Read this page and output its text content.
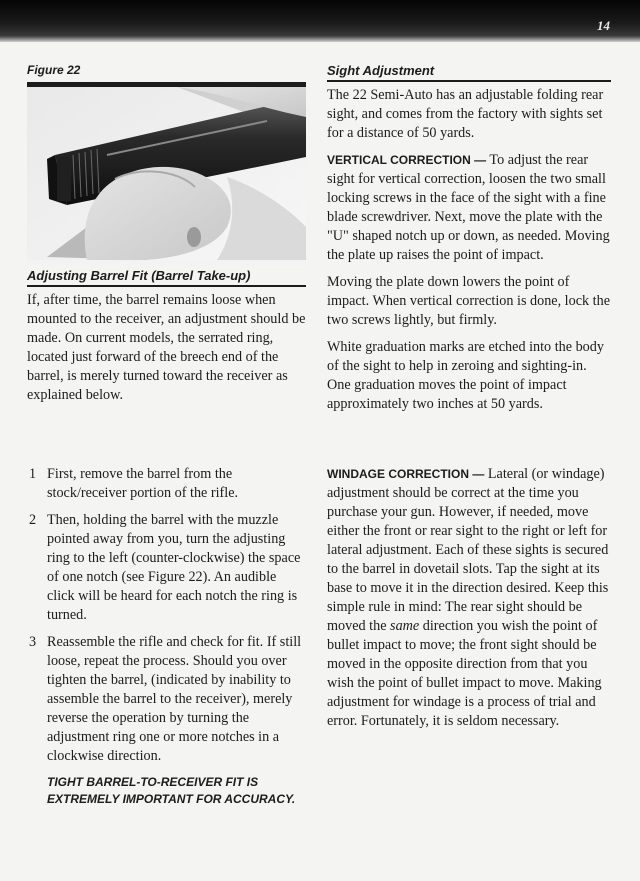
14
Figure 22
Adjusting Barrel Fit (Barrel Take-up)

If, after time, the barrel remains loose when mounted to the receiver, an adjustment should be made. On current models, the serrated ring, located just forward of the breech end of the barrel, is merely turned toward the receiver as explained below.

1 First, remove the barrel from the stock/receiver portion of the rifle.
2 Then, holding the barrel with the muzzle pointed away from you, turn the adjusting ring to the left (counter-clockwise) the space of one notch (see Figure 22). An audible click will be heard for each notch the ring is turned.
3 Reassemble the rifle and check for fit. If still loose, repeat the process. Should you over tighten the barrel, (indicated by inability to assemble the barrel to the receiver), merely reverse the operation by turning the adjustment ring one or more notches in a clockwise direction.
TIGHT BARREL-TO-RECEIVER FIT IS
EXTREMELY IMPORTANT FOR ACCURACY.
Sight Adjustment

The 22 Semi-Auto has an adjustable folding rear sight, and comes from the factory with sights set for a distance of 50 yards.

VERTICAL CORRECTION — To adjust the rear sight for vertical correction, loosen the two small locking screws in the face of the sight with a fine blade screwdriver. Next, move the plate with the "U" shaped notch up or down, as needed. Moving the plate up raises the point of impact.

Moving the plate down lowers the point of impact. When vertical correction is done, lock the two screws lightly, but firmly.

White graduation marks are etched into the body of the sight to help in zeroing and sighting-in. One graduation moves the point of impact approximately two inches at 50 yards.

WINDAGE CORRECTION — Lateral (or windage) adjustment should be correct at the time you purchase your gun. However, if needed, move either the front or rear sight to the right or left for lateral adjustment. Each of these sights is secured to the barrel in dovetail slots. Tap the sight at its base to move it in the direction desired. Keep this simple rule in mind: The rear sight should be moved the same direction you wish the point of bullet impact to move; the front sight should be moved in the opposite direction from that you wish the point of bullet impact to move. Making adjustment for windage is a process of trial and error. Fortunately, it is seldom necessary.
